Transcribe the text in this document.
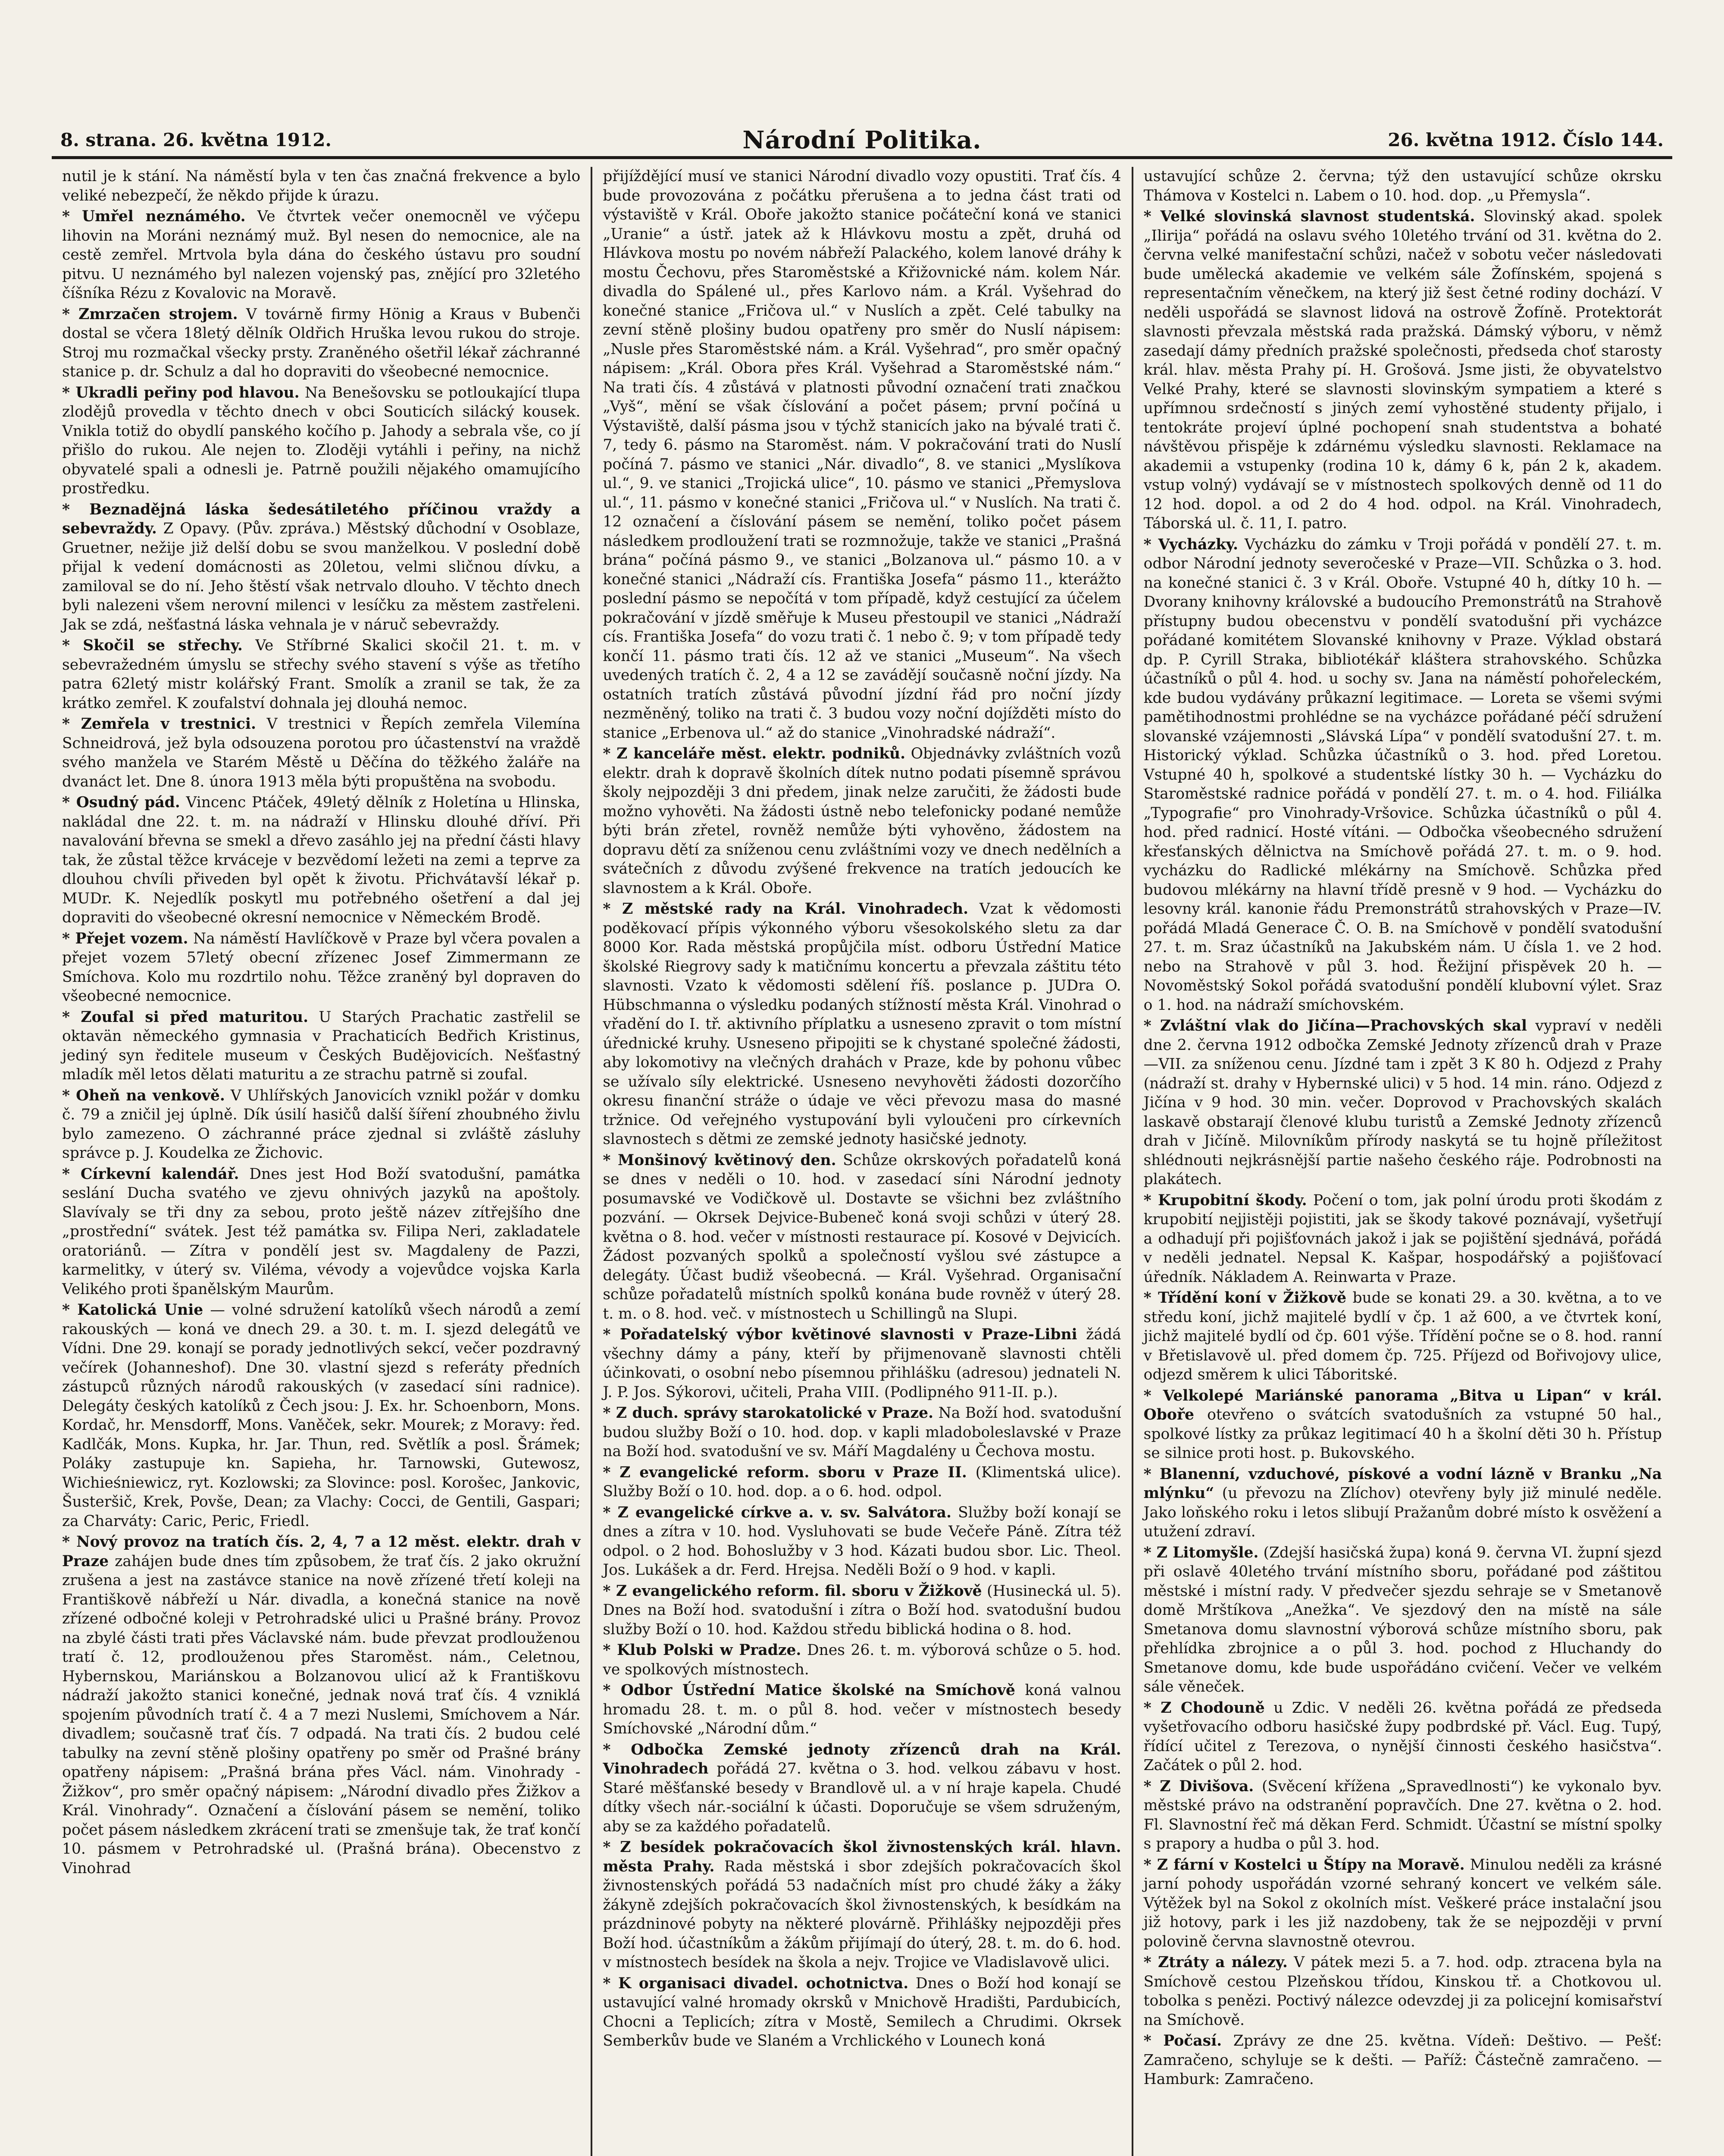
8. strana. 26. května 1912.	Národní Politika.	26. května 1912. Číslo 144.

nutil je k stání. Na náměstí byla v ten čas značná frekvence a bylo veliké nebezpečí, že někdo přijde k úrazu.

* Umřel neznámého. Ve čtvrtek večer onemocněl ve výčepu lihovin na Moráni neznámý muž. Byl nesen do nemocnice, ale na cestě zemřel. Mrtvola byla dána do českého ústavu pro soudní pitvu. U neznámého byl nalezen vojenský pas, znějící pro 32letého číšníka Rézu z Kovalovic na Moravě.

* Zmrzačen strojem. V továrně firmy Hönig a Kraus v Bubenči dostal se včera 18letý dělník Oldřich Hruška levou rukou do stroje. Stroj mu rozmačkal všecky prsty. Zraněného ošetřil lékař záchranné stanice p. dr. Schulz a dal ho dopraviti do všeobecné nemocnice.

* Ukradli peřiny pod hlavou. Na Benešovsku se potloukající tlupa zlodějů provedla v těchto dnech v obci Souticích silácký kousek. Vnikla totiž do obydlí panského kočího p. Jahody a sebrala vše, co jí přišlo do rukou. Ale nejen to. Zloději vytáhli i peřiny, na nichž obyvatelé spali a odnesli je. Patrně použili nějakého omamujícího prostředku.

* Beznadějná láska šedesátiletého příčinou vraždy a sebevraždy. Z Opavy. (Pův. zpráva.) Městský důchodní v Osoblaze, Gruetner, nežije již delší dobu se svou manželkou. V poslední době přijal k vedení domácnosti as 20letou, velmi sličnou dívku, a zamiloval se do ní. Jeho štěstí však netrvalo dlouho. V těchto dnech byli nalezeni všem nerovní milenci v lesíčku za městem zastřeleni. Jak se zdá, nešťastná láska vehnala je v náruč sebevraždy.

* Skočil se střechy. Ve Stříbrné Skalici skočil 21. t. m. v sebevražedném úmyslu se střechy svého stavení s výše as třetího patra 62letý mistr kolářský Frant. Smolík a zranil se tak, že za krátko zemřel. K zoufalství dohnala jej dlouhá nemoc.

* Zemřela v trestnici. V trestnici v Řepích zemřela Vilemína Schneidrová, jež byla odsouzena porotou pro účastenství na vraždě svého manžela ve Starém Městě u Děčína do těžkého žaláře na dvanáct let. Dne 8. února 1913 měla býti propuštěna na svobodu.

* Osudný pád. Vincenc Ptáček, 49letý dělník z Holetína u Hlinska, nakládal dne 22. t. m. na nádraží v Hlinsku dlouhé dříví. Při navalování břevna se smekl a dřevo zasáhlo jej na přední části hlavy tak, že zůstal těžce krváceje v bezvědomí ležeti na zemi a teprve za dlouhou chvíli přiveden byl opět k životu. Přichvátavší lékař p. MUDr. K. Nejedlík poskytl mu potřebného ošetření a dal jej dopraviti do všeobecné okresní nemocnice v Německém Brodě.

* Přejet vozem. Na náměstí Havlíčkově v Praze byl včera povalen a přejet vozem 57letý obecní zřízenec Josef Zimmermann ze Smíchova. Kolo mu rozdrtilo nohu. Těžce zraněný byl dopraven do všeobecné nemocnice.

* Zoufal si před maturitou. U Starých Prachatic zastřelil se oktavän německého gymnasia v Prachaticích Bedřich Kristinus, jediný syn ředitele museum v Českých Budějovicích. Nešťastný mladík měl letos dělati maturitu a ze strachu patrně si zoufal.

* Oheň na venkově. V Uhlířských Janovicích vznikl požár v domku č. 79 a zničil jej úplně. Dík úsilí hasičů další šíření zhoubného živlu bylo zamezeno. O záchranné práce zjednal si zvláště zásluhy správce p. J. Koudelka ze Žichovic.

* Církevní kalendář. Dnes jest Hod Boží svatodušní, památka seslání Ducha svatého ve zjevu ohnivých jazyků na apoštoly. Slavívaly se tři dny za sebou, proto ještě název zítřejšího dne „prostřední“ svátek. Jest též památka sv. Filipa Neri, zakladatele oratoriánů. — Zítra v pondělí jest sv. Magdaleny de Pazzi, karmelitky, v úterý sv. Viléma, vévody a vojevůdce vojska Karla Velikého proti španělským Maurům.

* Katolická Unie — volné sdružení katolíků všech národů a zemí rakouských — koná ve dnech 29. a 30. t. m. I. sjezd delegátů ve Vídni. Dne 29. konají se porady jednotlivých sekcí, večer pozdravný večírek (Johanneshof). Dne 30. vlastní sjezd s referáty předních zástupců různých národů rakouských (v zasedací síni radnice). Delegáty českých katolíků z Čech jsou: J. Ex. hr. Schoenborn, Mons. Kordač, hr. Mensdorff, Mons. Vaněček, sekr. Mourek; z Moravy: řed. Kadlčák, Mons. Kupka, hr. Jar. Thun, red. Světlík a posl. Šrámek; Poláky zastupuje kn. Sapieha, hr. Tarnowski, Gutewosz, Wichieśniewicz, ryt. Kozlowski; za Slovince: posl. Korošec, Jankovic, Šusteršič, Krek, Povše, Dean; za Vlachy: Cocci, de Gentili, Gaspari; za Charváty: Caric, Peric, Friedl.

* Nový provoz na tratích čís. 2, 4, 7 a 12 měst. elektr. drah v Praze zahájen bude dnes tím způsobem, že trať čís. 2 jako okružní zrušena a jest na zastávce stanice na nově zřízené třetí koleji na Františkově nábřeží u Nár. divadla, a konečná stanice na nově zřízené odbočné koleji v Petrohradské ulici u Prašné brány. Provoz na zbylé části trati přes Václavské nám. bude převzat prodlouženou tratí č. 12, prodlouženou přes Staroměst. nám., Celetnou, Hybernskou, Mariánskou a Bolzanovou ulicí až k Františkovu nádraží jakožto stanici konečné, jednak nová trať čís. 4 vzniklá spojením původních tratí č. 4 a 7 mezi Nuslemi, Smíchovem a Nár. divadlem; současně trať čís. 7 odpadá. Na trati čís. 2 budou celé tabulky na zevní stěně plošiny opatřeny po směr od Prašné brány opatřeny nápisem: „Prašná brána přes Václ. nám. Vinohrady - Žižkov“, pro směr opačný nápisem: „Národní divadlo přes Žižkov a Král. Vinohrady“. Označení a číslování pásem se nemění, toliko počet pásem následkem zkrácení trati se zmenšuje tak, že trať končí 10. pásmem v Petrohradské ul. (Prašná brána). Obecenstvo z Vinohrad

přijíždějící musí ve stanici Národní divadlo vozy opustiti. Trať čís. 4 bude provozována z počátku přerušena a to jedna část trati od výstaviště v Král. Oboře jakožto stanice počáteční koná ve stanici „Uranie“ a ústř. jatek až k Hlávkovu mostu a zpět, druhá od Hlávkova mostu po novém nábřeží Palackého, kolem lanové dráhy k mostu Čechovu, přes Staroměstské a Křižovnické nám. kolem Nár. divadla do Spálené ul., přes Karlovo nám. a Král. Vyšehrad do konečné stanice „Fričova ul.“ v Nuslích a zpět. Celé tabulky na zevní stěně plošiny budou opatřeny pro směr do Nuslí nápisem: „Nusle přes Staroměstské nám. a Král. Vyšehrad“, pro směr opačný nápisem: „Král. Obora přes Král. Vyšehrad a Staroměstské nám.“ Na trati čís. 4 zůstává v platnosti původní označení trati značkou „Vyš“, mění se však číslování a počet pásem; první počíná u Výstaviště, další pásma jsou v týchž stanicích jako na bývalé trati č. 7, tedy 6. pásmo na Staroměst. nám. V pokračování trati do Nuslí počíná 7. pásmo ve stanici „Nár. divadlo“, 8. ve stanici „Myslíkova ul.“, 9. ve stanici „Trojická ulice“, 10. pásmo ve stanici „Přemyslova ul.“, 11. pásmo v konečné stanici „Fričova ul.“ v Nuslích. Na trati č. 12 označení a číslování pásem se nemění, toliko počet pásem následkem prodloužení trati se rozmnožuje, takže ve stanici „Prašná brána“ počíná pásmo 9., ve stanici „Bolzanova ul.“ pásmo 10. a v konečné stanici „Nádraží cís. Františka Josefa“ pásmo 11., kterážto poslední pásmo se nepočítá v tom případě, když cestující za účelem pokračování v jízdě směřuje k Museu přestoupil ve stanici „Nádraží cís. Františka Josefa“ do vozu trati č. 1 nebo č. 9; v tom případě tedy končí 11. pásmo trati čís. 12 až ve stanici „Museum“. Na všech uvedených tratích č. 2, 4 a 12 se zavádějí současně noční jízdy. Na ostatních tratích zůstává původní jízdní řád pro noční jízdy nezměněný, toliko na trati č. 3 budou vozy noční dojížděti místo do stanice „Erbenova ul.“ až do stanice „Vinohradské nádraží“.

* Z kanceláře měst. elektr. podniků. Objednávky zvláštních vozů elektr. drah k dopravě školních dítek nutno podati písemně správou školy nejpozději 3 dni předem, jinak nelze zaručiti, že žádosti bude možno vyhověti. Na žádosti ústně nebo telefonicky podané nemůže býti brán zřetel, rovněž nemůže býti vyhověno, žádostem na dopravu dětí za sníženou cenu zvláštními vozy ve dnech nedělních a svátečních z důvodu zvýšené frekvence na tratích jedoucích ke slavnostem a k Král. Oboře.

* Z městské rady na Král. Vinohradech. Vzat k vědomosti poděkovací přípis výkonného výboru všesokolského sletu za dar 8000 Kor. Rada městská propůjčila míst. odboru Ústřední Matice školské Riegrovy sady k matičnímu koncertu a převzala záštitu této slavnosti. Vzato k vědomosti sdělení říš. poslance p. JUDra O. Hübschmanna o výsledku podaných stížností města Král. Vinohrad o vřadění do I. tř. aktivního příplatku a usneseno zpravit o tom místní úřednické kruhy. Usneseno připojiti se k chystané společné žádosti, aby lokomotivy na vlečných drahách v Praze, kde by pohonu vůbec se užívalo síly elektrické. Usneseno nevyhověti žádosti dozorčího okresu finanční stráže o údaje ve věci převozu masa do masné tržnice. Od veřejného vystupování byli vyloučeni pro církevních slavnostech s dětmi ze zemské jednoty hasičské jednoty.

* Monšinový květinový den. Schůze okrskových pořadatelů koná se dnes v neděli o 10. hod. v zasedací síni Národní jednoty posumavské ve Vodičkově ul. Dostavte se všichni bez zvláštního pozvání. — Okrsek Dejvice-Bubeneč koná svoji schůzi v úterý 28. května o 8. hod. večer v místnosti restaurace pí. Kosové v Dejvicích. Žádost pozvaných spolků a společností vyšlou své zástupce a delegáty. Účast budiž všeobecná. — Král. Vyšehrad. Organisační schůze pořadatelů místních spolků konána bude rovněž v úterý 28. t. m. o 8. hod. več. v místnostech u Schillingů na Slupi.

* Pořadatelský výbor květinové slavnosti v Praze-Libni žádá všechny dámy a pány, kteří by přijmenovaně slavnosti chtěli účinkovati, o osobní nebo písemnou přihlášku (adresou) jednateli N. J. P. Jos. Sýkorovi, učiteli, Praha VIII. (Podlipného 911-II. p.).

* Z duch. správy starokatolické v Praze. Na Boží hod. svatodušní budou služby Boží o 10. hod. dop. v kapli mladoboleslavské v Praze na Boží hod. svatodušní ve sv. Máří Magdalény u Čechova mostu.

* Z evangelické reform. sboru v Praze II. (Klimentská ulice). Služby Boží o 10. hod. dop. a o 6. hod. odpol.

* Z evangelické církve a. v. sv. Salvátora. Služby boží konají se dnes a zítra v 10. hod. Vysluhovati se bude Večeře Páně. Zítra též odpol. o 2 hod. Bohoslužby v 3 hod. Kázati budou sbor. Lic. Theol. Jos. Lukášek a dr. Ferd. Hrejsa. Neděli Boží o 9 hod. v kapli.

* Z evangelického reform. fil. sboru v Žižkově (Husinecká ul. 5). Dnes na Boží hod. svatodušní i zítra o Boží hod. svatodušní budou služby Boží o 10. hod. Každou středu biblická hodina o 8. hod.

* Klub Polski w Pradze. Dnes 26. t. m. výborová schůze o 5. hod. ve spolkových místnostech.

* Odbor Ústřední Matice školské na Smíchově koná valnou hromadu 28. t. m. o půl 8. hod. večer v místnostech besedy Smíchovské „Národní dům.“

* Odbočka Zemské jednoty zřízenců drah na Král. Vinohradech pořádá 27. května o 3. hod. velkou zábavu v host. Staré měšťanské besedy v Brandlově ul. a v ní hraje kapela. Chudé dítky všech nár.-sociální k účasti. Doporučuje se všem sdruženým, aby se za každého pořadatelů.

* Z besídek pokračovacích škol živnostenských král. hlavn. města Prahy. Rada městská i sbor zdejších pokračovacích škol živnostenských pořádá 53 nadačních míst pro chudé žáky a žáky žákyně zdejších pokračovacích škol živnostenských, k besídkám na prázdninové pobyty na některé plovárně. Přihlášky nejpozději přes Boží hod. účastníkům a žákům přijímají do úterý, 28. t. m. do 6. hod. v místnostech besídek na škola a nejv. Trojice ve Vladislavově ulici.

* K organisaci divadel. ochotnictva. Dnes o Boží hod konají se ustavující valné hromady okrsků v Mnichově Hradišti, Pardubicích, Chocni a Teplicích; zítra v Mostě, Semilech a Chrudimi. Okrsek Semberkův bude ve Slaném a Vrchlického v Lounech koná

ustavující schůze 2. června; týž den ustavující schůze okrsku Thámova v Kostelci n. Labem o 10. hod. dop. „u Přemysla“.

* Velké slovinská slavnost studentská. Slovinský akad. spolek „Ilirija“ pořádá na oslavu svého 10letého trvání od 31. května do 2. června velké manifestační schůzi, načež v sobotu večer následovati bude umělecká akademie ve velkém sále Žofínském, spojená s representačním věnečkem, na který již šest četné rodiny dochází. V neděli uspořádá se slavnost lidová na ostrově Žofíně. Protektorát slavnosti převzala městská rada pražská. Dámský výboru, v němž zasedají dámy předních pražské společnosti, předseda choť starosty král. hlav. města Prahy pí. H. Grošová. Jsme jisti, že obyvatelstvo Velké Prahy, které se slavnosti slovinským sympatiem a které s upřímnou srdečností s jiných zemí vyhostěné studenty přijalo, i tentokráte projeví úplné pochopení snah studentstva a bohaté návštěvou přispěje k zdárnému výsledku slavnosti. Reklamace na akademii a vstupenky (rodina 10 k, dámy 6 k, pán 2 k, akadem. vstup volný) vydávají se v místnostech spolkových denně od 11 do 12 hod. dopol. a od 2 do 4 hod. odpol. na Král. Vinohradech, Táborská ul. č. 11, I. patro.

* Vycházky. Vycházku do zámku v Troji pořádá v pondělí 27. t. m. odbor Národní jednoty severočeské v Praze—VII. Schůzka o 3. hod. na konečné stanici č. 3 v Král. Oboře. Vstupné 40 h, dítky 10 h. — Dvorany knihovny královské a budoucího Premonstrátů na Strahově přístupny budou obecenstvu v pondělí svatodušní při vycházce pořádané komitétem Slovanské knihovny v Praze. Výklad obstará dp. P. Cyrill Straka, bibliotékář kláštera strahovského. Schůzka účastníků o půl 4. hod. u sochy sv. Jana na náměstí pohořeleckém, kde budou vydávány průkazní legitimace. — Loreta se všemi svými pamětihodnostmi prohlédne se na vycházce pořádané péčí sdružení slovanské vzájemnosti „Slávská Lípa“ v pondělí svatodušní 27. t. m. Historický výklad. Schůzka účastníků o 3. hod. před Loretou. Vstupné 40 h, spolkové a studentské lístky 30 h. — Vycházku do Staroměstské radnice pořádá v pondělí 27. t. m. o 4. hod. Filiálka „Typografie“ pro Vinohrady-Vršovice. Schůzka účastníků o půl 4. hod. před radnicí. Hosté vítáni. — Odbočka všeobecného sdružení křesťanských dělnictva na Smíchově pořádá 27. t. m. o 9. hod. vycházku do Radlické mlékárny na Smíchově. Schůzka před budovou mlékárny na hlavní třídě presně v 9 hod. — Vycházku do lesovny král. kanonie řádu Premonstrátů strahovských v Praze—IV. pořádá Mladá Generace Č. O. B. na Smíchově v pondělí svatodušní 27. t. m. Sraz účastníků na Jakubském nám. U čísla 1. ve 2 hod. nebo na Strahově v půl 3. hod. Řežijní přispěvek 20 h. — Novoměstský Sokol pořádá svatodušní pondělí klubovní výlet. Sraz o 1. hod. na nádraží smíchovském.

* Zvláštní vlak do Jičína—Prachovských skal vypraví v neděli dne 2. června 1912 odbočka Zemské Jednoty zřízenců drah v Praze—VII. za sníženou cenu. Jízdné tam i zpět 3 K 80 h. Odjezd z Prahy (nádraží st. drahy v Hybernské ulici) v 5 hod. 14 min. ráno. Odjezd z Jičína v 9 hod. 30 min. večer. Doprovod v Prachovských skalách laskavě obstarají členové klubu turistů a Zemské Jednoty zřízenců drah v Jičíně. Milovníkům přírody naskytá se tu hojně příležitost shlédnouti nejkrásnější partie našeho českého ráje. Podrobnosti na plakátech.

* Krupobitní škody. Počení o tom, jak polní úrodu proti škodám z krupobití nejjistěji pojistiti, jak se škody takové poznávají, vyšetřují a odhadují při pojišťovnách jakož i jak se pojištění sjednává, pořádá v neděli jednatel. Nepsal K. Kašpar, hospodářský a pojišťovací úředník. Nákladem A. Reinwarta v Praze.

* Třídění koní v Žižkově bude se konati 29. a 30. května, a to ve středu koní, jichž majitelé bydlí v čp. 1 až 600, a ve čtvrtek koní, jichž majitelé bydlí od čp. 601 výše. Třídění počne se o 8. hod. ranní v Břetislavově ul. před domem čp. 725. Příjezd od Bořivojovy ulice, odjezd směrem k ulici Táboritské.

* Velkolepé Mariánské panorama „Bitva u Lipan“ v král. Oboře otevřeno o svátcích svatodušních za vstupné 50 hal., spolkové lístky za průkaz legitimací 40 h a školní děti 30 h. Přístup se silnice proti host. p. Bukovského.

* Blanenní, vzduchové, pískové a vodní lázně v Branku „Na mlýnku“ (u převozu na Zlíchov) otevřeny byly již minulé neděle. Jako loňského roku i letos slibují Pražanům dobré místo k osvěžení a utužení zdraví.

* Z Litomyšle. (Zdejší hasičská župa) koná 9. června VI. župní sjezd při oslavě 40letého trvání místního sboru, pořádané pod záštitou městské i místní rady. V předvečer sjezdu sehraje se v Smetanově domě Mrštíkova „Anežka“. Ve sjezdový den na místě na sále Smetanova domu slavnostní výborová schůze místního sboru, pak přehlídka zbrojnice a o půl 3. hod. pochod z Hluchandy do Smetanove domu, kde bude uspořádáno cvičení. Večer ve velkém sále věneček.

* Z Chodouně u Zdic. V neděli 26. května pořádá ze předseda vyšetřovacího odboru hasičské župy podbrdské př. Václ. Eug. Tupý, řídící učitel z Terezova, o nynější činnosti českého hasičstva“. Začátek o půl 2. hod.

* Z Divišova. (Svěcení křížena „Spravedlnosti“) ke vykonalo byv. městské právo na odstranění popravčích. Dne 27. května o 2. hod. Fl. Slavnostní řeč má děkan Ferd. Schmidt. Účastní se místní spolky s prapory a hudba o půl 3. hod.

* Z fární v Kostelci u Štípy na Moravě. Minulou neděli za krásné jarní pohody uspořádán vzorné sehraný koncert ve velkém sále. Výtěžek byl na Sokol z okolních míst. Veškeré práce instalační jsou již hotovy, park i les již nazdobeny, tak že se nejpozději v první polovině června slavnostně otevrou.

* Ztráty a nálezy. V pátek mezi 5. a 7. hod. odp. ztracena byla na Smíchově cestou Plzeňskou třídou, Kinskou tř. a Chotkovou ul. tobolka s penězi. Poctivý nálezce odevzdej ji za policejní komisařství na Smíchově.

* Počasí. Zprávy ze dne 25. května. Vídeň: Deštivo. — Pešť: Zamračeno, schyluje se k dešti. — Paříž: Částečně zamračeno. — Hamburk: Zamračeno.
